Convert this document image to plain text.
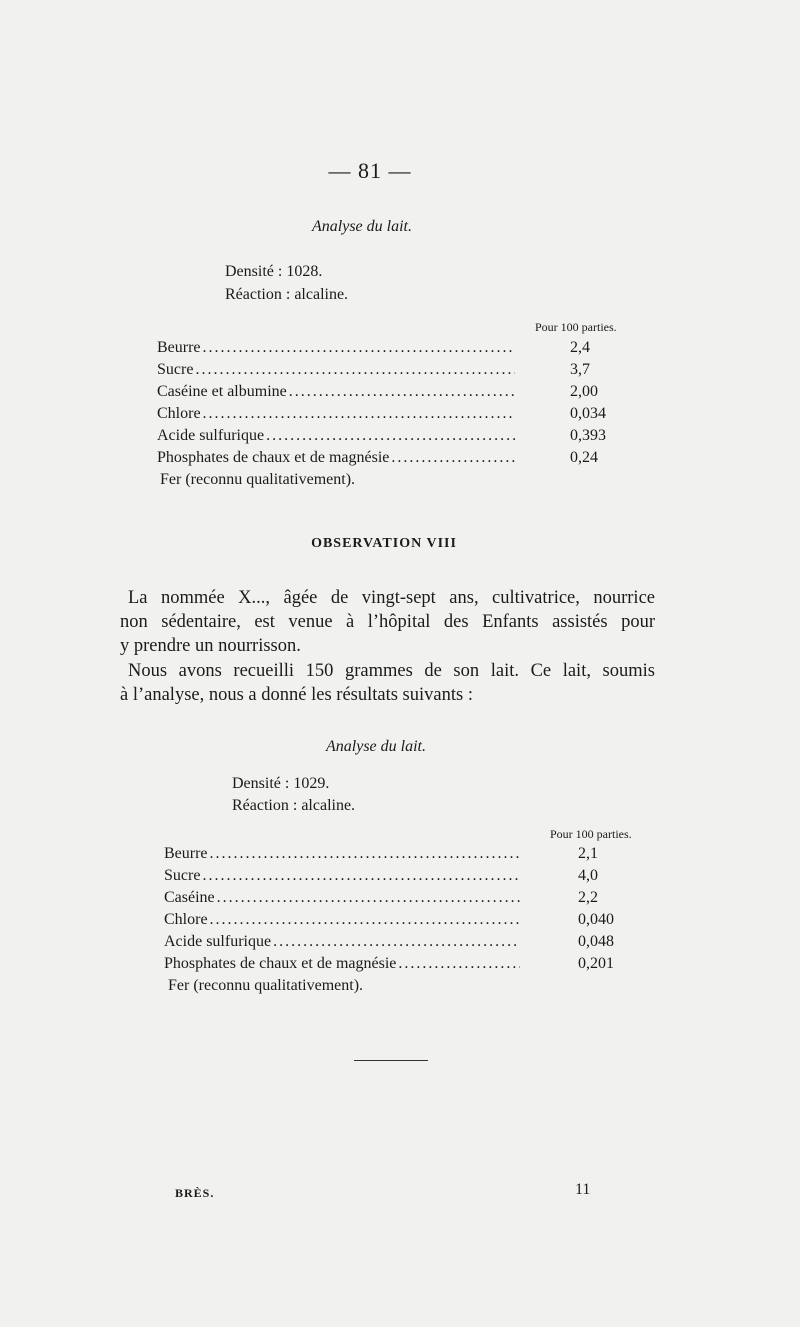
— 81 —
Analyse du lait.
Densité : 1028.
Réaction : alcaline.
Pour 100 parties.
Beurre .....	2,4
Sucre .....	3,7
Caséine et albumine .....	2,00
Chlore .....	0,034
Acide sulfurique .....	0,393
Phosphates de chaux et de magnésie .....	0,24
Fer (reconnu qualitativement).
OBSERVATION VIII
La nommée X..., âgée de vingt-sept ans, cultivatrice, nourrice
non sédentaire, est venue à l’hôpital des Enfants assistés pour
y prendre un nourrisson.
Nous avons recueilli 150 grammes de son lait. Ce lait, soumis
à l’analyse, nous a donné les résultats suivants :
Analyse du lait.
Densité : 1029.
Réaction : alcaline.
Pour 100 parties.
Beurre .....	2,1
Sucre .....	4,0
Caséine .....	2,2
Chlore .....	0,040
Acide sulfurique .....	0,048
Phosphates de chaux et de magnésie .....	0,201
Fer (reconnu qualitativement).
BRÈS.	11
